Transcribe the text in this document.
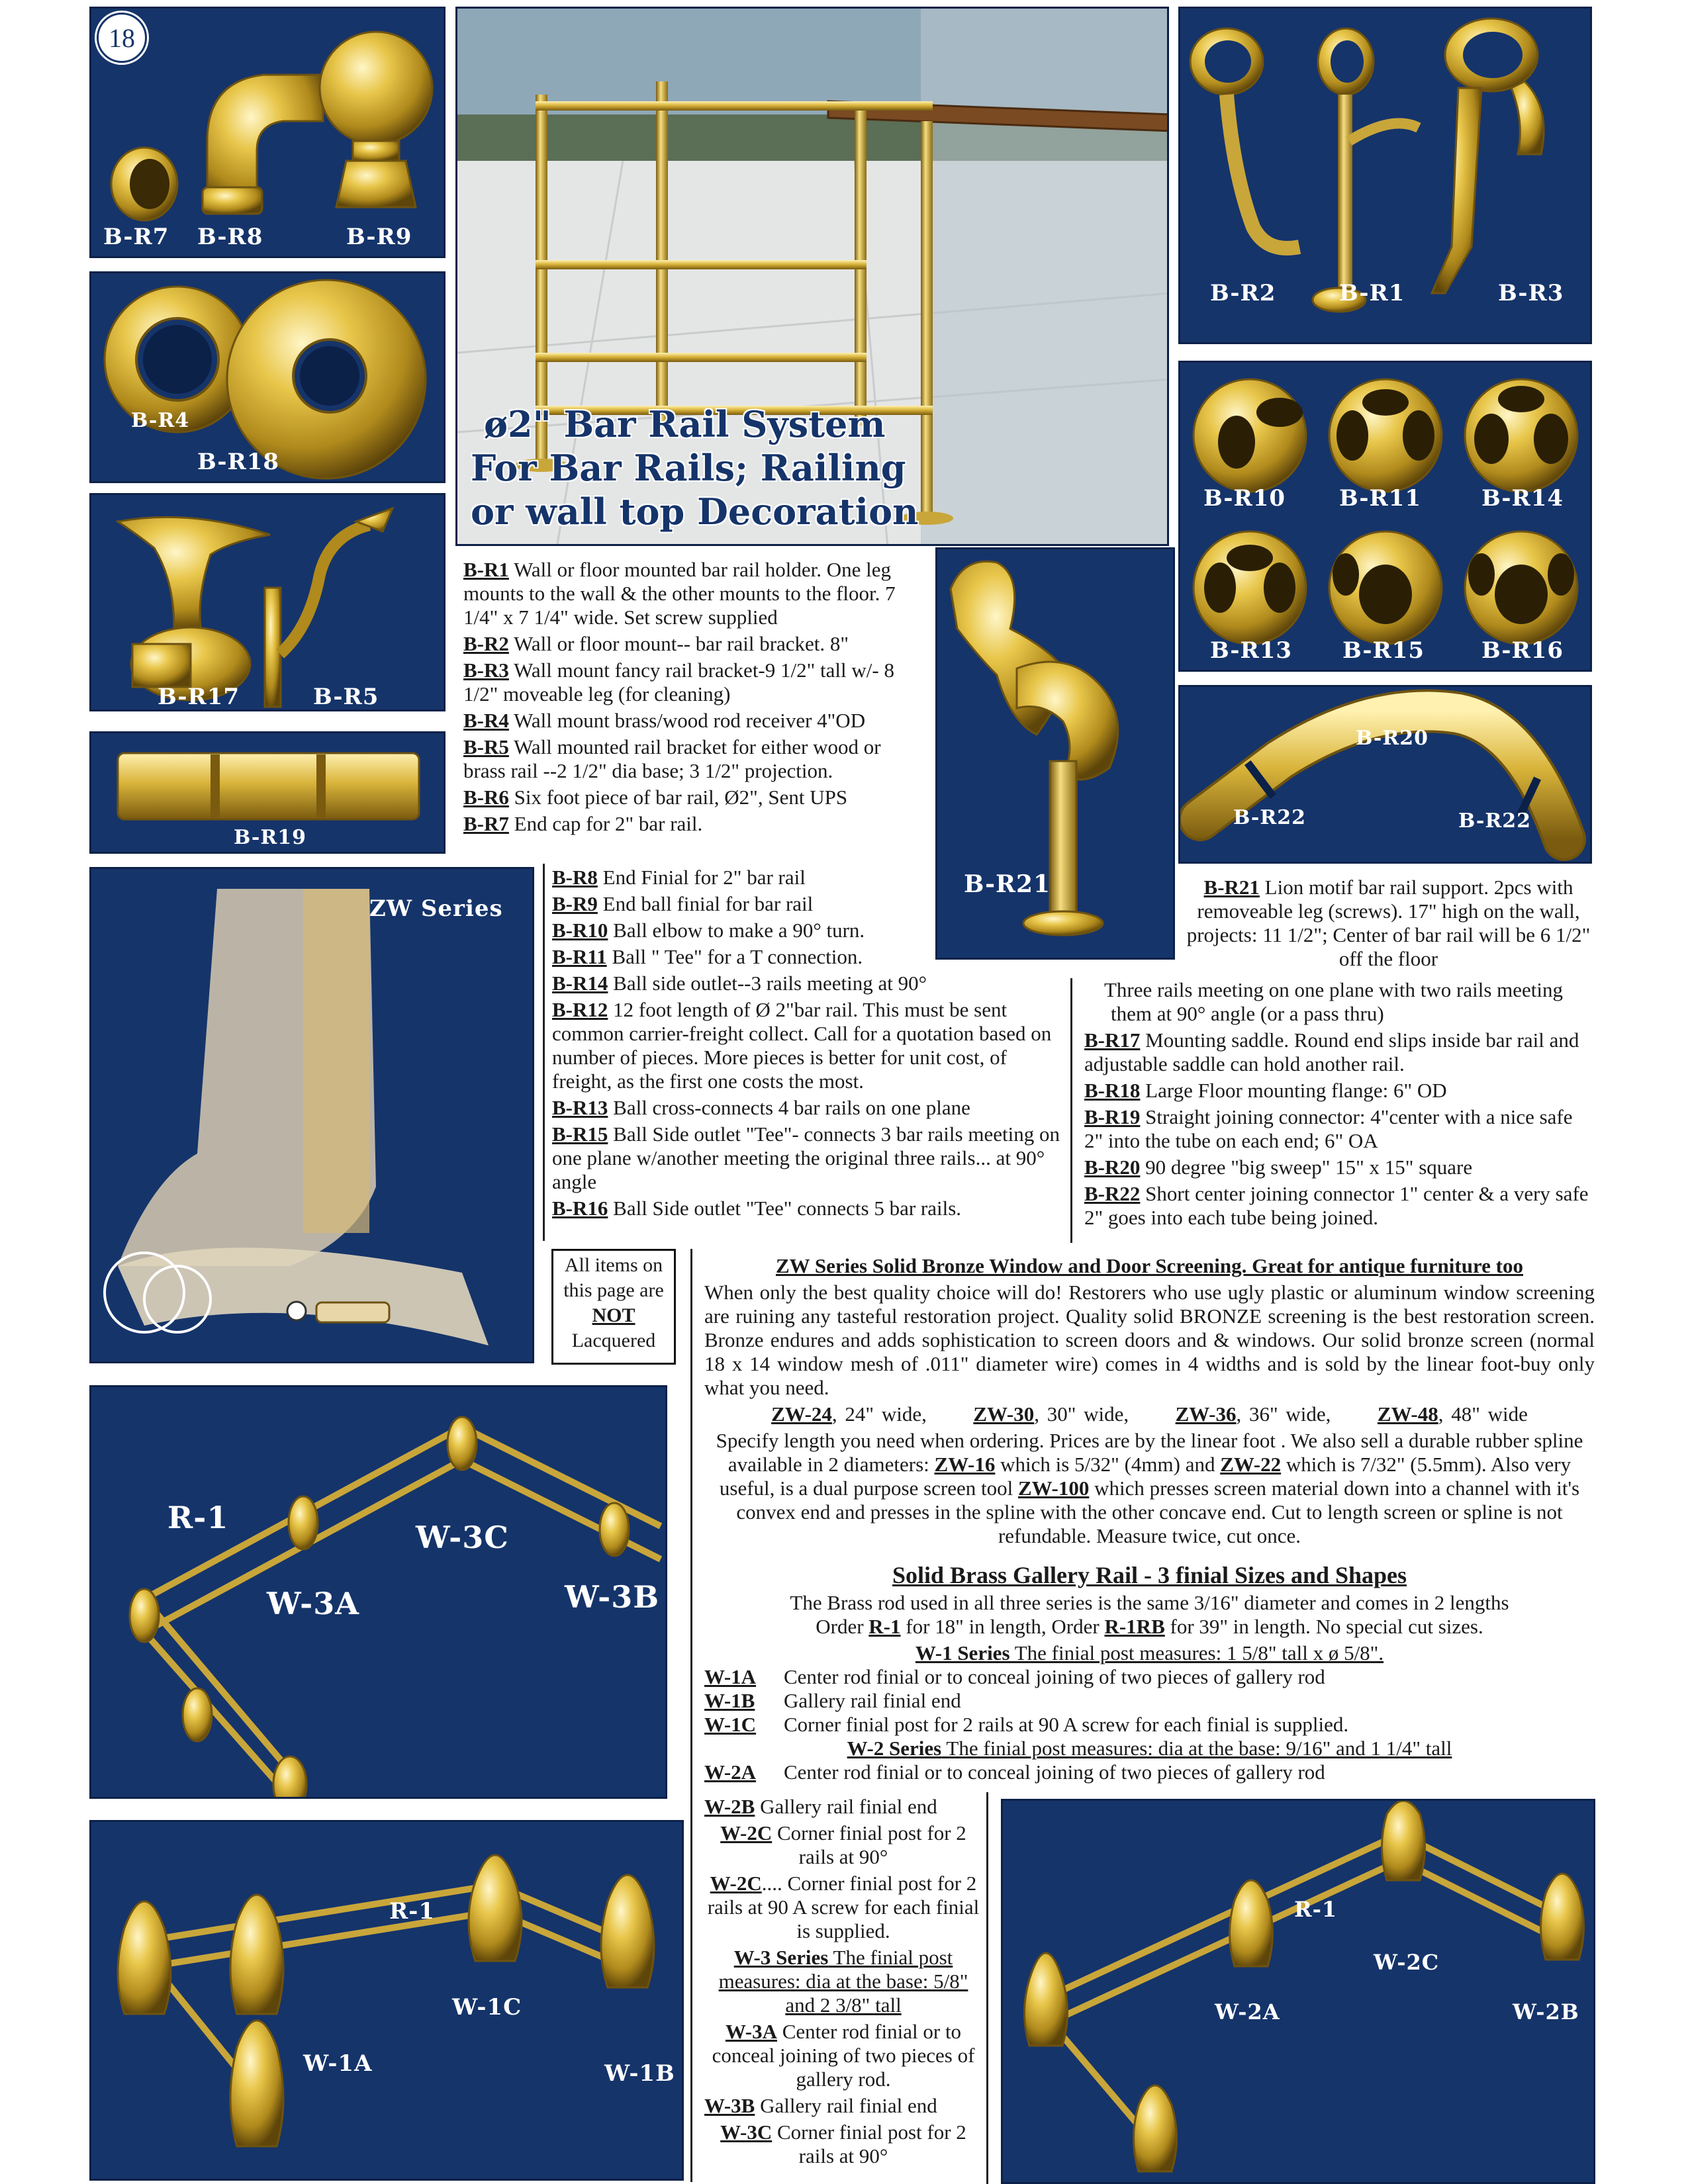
18
B-R7 B-R8	B-R9
B-R4
B-R18
B-R17	B-R5
B-R19
ø2" Bar Rail System
For Bar Rails; Railing
or wall top Decoration
B-R2	B-R1	B-R3
B-R10 B-R11	B-R14
B-R13 B-R15	B-R16
B-R20
B-R22	B-R22
B-R21
ZW Series
R-1
W-3C
W-3A	W-3B
R-1
W-1A
W-1C
W-1B
R-1
W-2C
W-2A	W-2B

B-R1 Wall or floor mounted bar rail holder. One leg mounts to the wall & the other mounts to the floor. 7 1/4" x 7 1/4" wide. Set screw supplied

B-R2 Wall or floor mount-- bar rail bracket. 8"

B-R3 Wall mount fancy rail bracket-9 1/2" tall w/- 8 1/2" moveable leg (for cleaning)

B-R4 Wall mount brass/wood rod receiver 4"OD

B-R5 Wall mounted rail bracket for either wood or brass rail --2 1/2" dia base; 3 1/2" projection.

B-R6 Six foot piece of bar rail, Ø2", Sent UPS

B-R7 End cap for 2" bar rail.

B-R8 End Finial for 2" bar rail

B-R9 End ball finial for bar rail

B-R10 Ball elbow to make a 90° turn.

B-R11 Ball " Tee" for a T connection.

B-R14 Ball side outlet--3 rails meeting at 90°

B-R12 12 foot length of Ø 2"bar rail. This must be sent common carrier-freight collect. Call for a quotation based on number of pieces. More pieces is better for unit cost, of freight, as the first one costs the most.

B-R13 Ball cross-connects 4 bar rails on one plane

B-R15 Ball Side outlet "Tee"- connects 3 bar rails meeting on one plane w/another meeting the original three rails... at 90° angle

B-R16 Ball Side outlet "Tee" connects 5 bar rails.

B-R21 Lion motif bar rail support. 2pcs with removeable leg (screws). 17" high on the wall, projects: 11 1/2"; Center of bar rail will be 6 1/2" off the floor

Three rails meeting on one plane with two rails meeting them at 90° angle (or a pass thru)

B-R17 Mounting saddle. Round end slips inside bar rail and adjustable saddle can hold another rail.

B-R18 Large Floor mounting flange: 6" OD

B-R19 Straight joining connector: 4"center with a nice safe 2" into the tube on each end; 6" OA

B-R20 90 degree "big sweep" 15" x 15" square

B-R22 Short center joining connector 1" center & a very safe 2" goes into each tube being joined.

All items on
this page are
NOT
Lacquered

ZW Series Solid Bronze Window and Door Screening. Great for antique furniture too

When only the best quality choice will do! Restorers who use ugly plastic or aluminum window screening are ruining any tasteful restoration project. Quality solid BRONZE screening is the best restoration screen. Bronze endures and adds sophistication to screen doors and & windows. Our solid bronze screen (normal 18 x 14 window mesh of .011" diameter wire) comes in 4 widths and is sold by the linear foot-buy only what you need.

ZW-24, 24" wide, ZW-30, 30" wide, ZW-36, 36" wide, ZW-48, 48" wide

Specify length you need when ordering. Prices are by the linear foot . We also sell a durable rubber spline available in 2 diameters: ZW-16 which is 5/32" (4mm) and ZW-22 which is 7/32" (5.5mm). Also very useful, is a dual purpose screen tool ZW-100 which presses screen material down into a channel with it's convex end and presses in the spline with the other concave end. Cut to length screen or spline is not refundable. Measure twice, cut once.

Solid Brass Gallery Rail - 3 finial Sizes and Shapes

The Brass rod used in all three series is the same 3/16" diameter and comes in 2 lengths

Order R-1 for 18" in length, Order R-1RB for 39" in length. No special cut sizes.

W-1 Series The finial post measures: 1 5/8" tall x ø 5/8".

W-1A Center rod finial or to conceal joining of two pieces of gallery rod

W-1B Gallery rail finial end

W-1C Corner finial post for 2 rails at 90 A screw for each finial is supplied.

W-2 Series The finial post measures: dia at the base: 9/16" and 1 1/4" tall

W-2A Center rod finial or to conceal joining of two pieces of gallery rod

W-2B Gallery rail finial end

W-2C Corner finial post for 2 rails at 90°

W-2C.... Corner finial post for 2 rails at 90 A screw for each finial is supplied.

W-3 Series The finial post measures: dia at the base: 5/8" and 2 3/8" tall

W-3A Center rod finial or to conceal joining of two pieces of gallery rod.

W-3B Gallery rail finial end

W-3C Corner finial post for 2 rails at 90°
